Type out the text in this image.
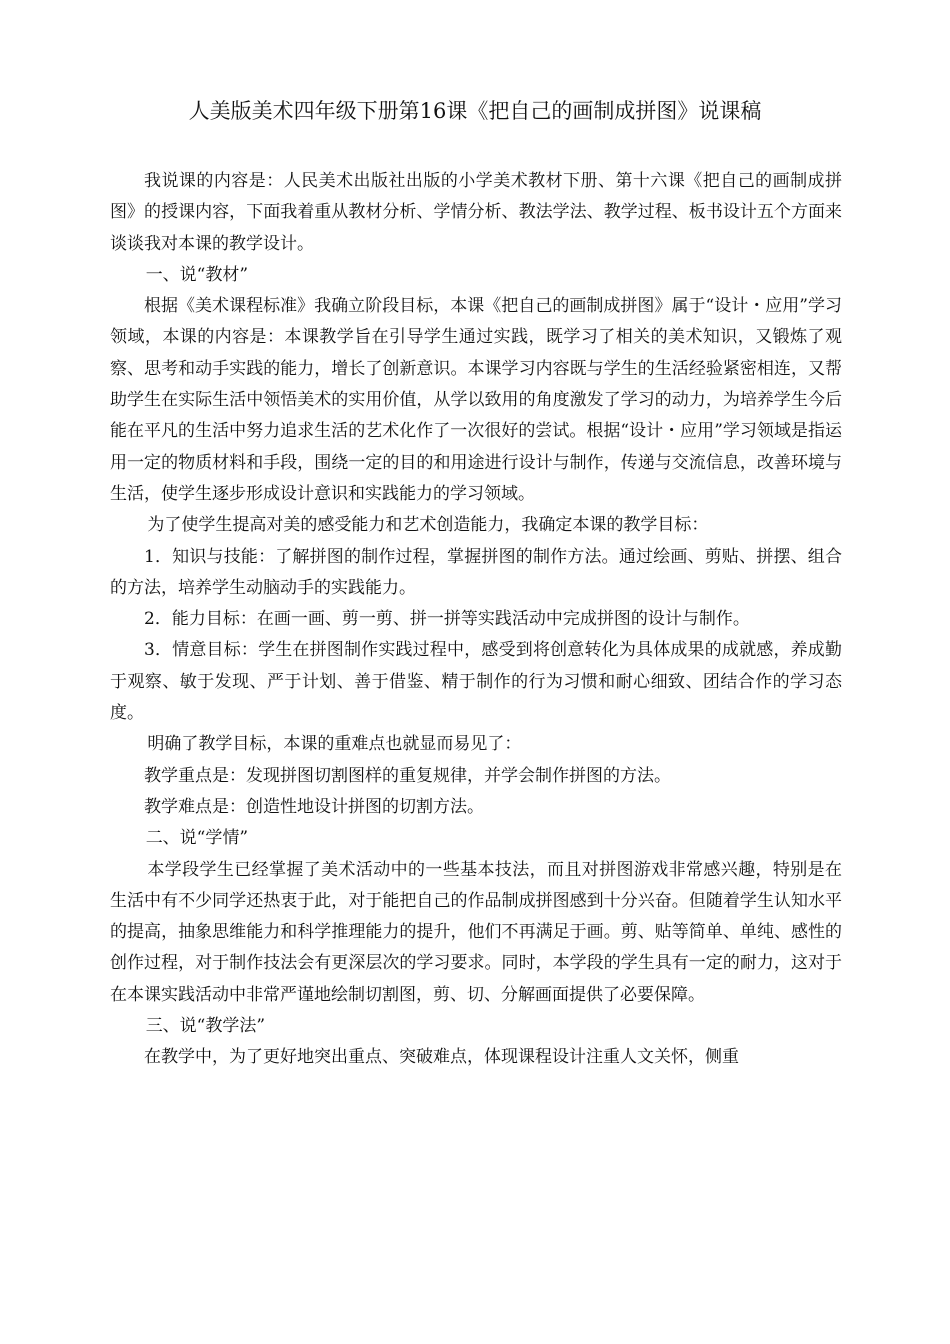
人美版美术四年级下册第16课《把自己的画制成拼图》说课稿

我说课的内容是：人民美术出版社出版的小学美术教材下册、第十六课《把自己的画制成拼图》的授课内容，下面我着重从教材分析、学情分析、教法学法、教学过程、板书设计五个方面来谈谈我对本课的教学设计。

一、说“教材”

根据《美术课程标准》我确立阶段目标，本课《把自己的画制成拼图》属于“设计・应用”学习领域，本课的内容是：本课教学旨在引导学生通过实践，既学习了相关的美术知识，又锻炼了观察、思考和动手实践的能力，增长了创新意识。本课学习内容既与学生的生活经验紧密相连，又帮助学生在实际生活中领悟美术的实用价值，从学以致用的角度激发了学习的动力，为培养学生今后能在平凡的生活中努力追求生活的艺术化作了一次很好的尝试。根据“设计・应用”学习领域是指运用一定的物质材料和手段，围绕一定的目的和用途进行设计与制作，传递与交流信息，改善环境与生活，使学生逐步形成设计意识和实践能力的学习领域。

为了使学生提高对美的感受能力和艺术创造能力，我确定本课的教学目标：

1．知识与技能：了解拼图的制作过程，掌握拼图的制作方法。通过绘画、剪贴、拼摆、组合的方法，培养学生动脑动手的实践能力。

2．能力目标：在画一画、剪一剪、拼一拼等实践活动中完成拼图的设计与制作。

3．情意目标：学生在拼图制作实践过程中，感受到将创意转化为具体成果的成就感，养成勤于观察、敏于发现、严于计划、善于借鉴、精于制作的行为习惯和耐心细致、团结合作的学习态度。

明确了教学目标，本课的重难点也就显而易见了：

教学重点是：发现拼图切割图样的重复规律，并学会制作拼图的方法。

教学难点是：创造性地设计拼图的切割方法。

二、说“学情”

本学段学生已经掌握了美术活动中的一些基本技法，而且对拼图游戏非常感兴趣，特别是在生活中有不少同学还热衷于此，对于能把自己的作品制成拼图感到十分兴奋。但随着学生认知水平的提高，抽象思维能力和科学推理能力的提升，他们不再满足于画。剪、贴等简单、单纯、感性的创作过程，对于制作技法会有更深层次的学习要求。同时，本学段的学生具有一定的耐力，这对于在本课实践活动中非常严谨地绘制切割图，剪、切、分解画面提供了必要保障。

三、说“教学法”

在教学中，为了更好地突出重点、突破难点，体现课程设计注重人文关怀，侧重
